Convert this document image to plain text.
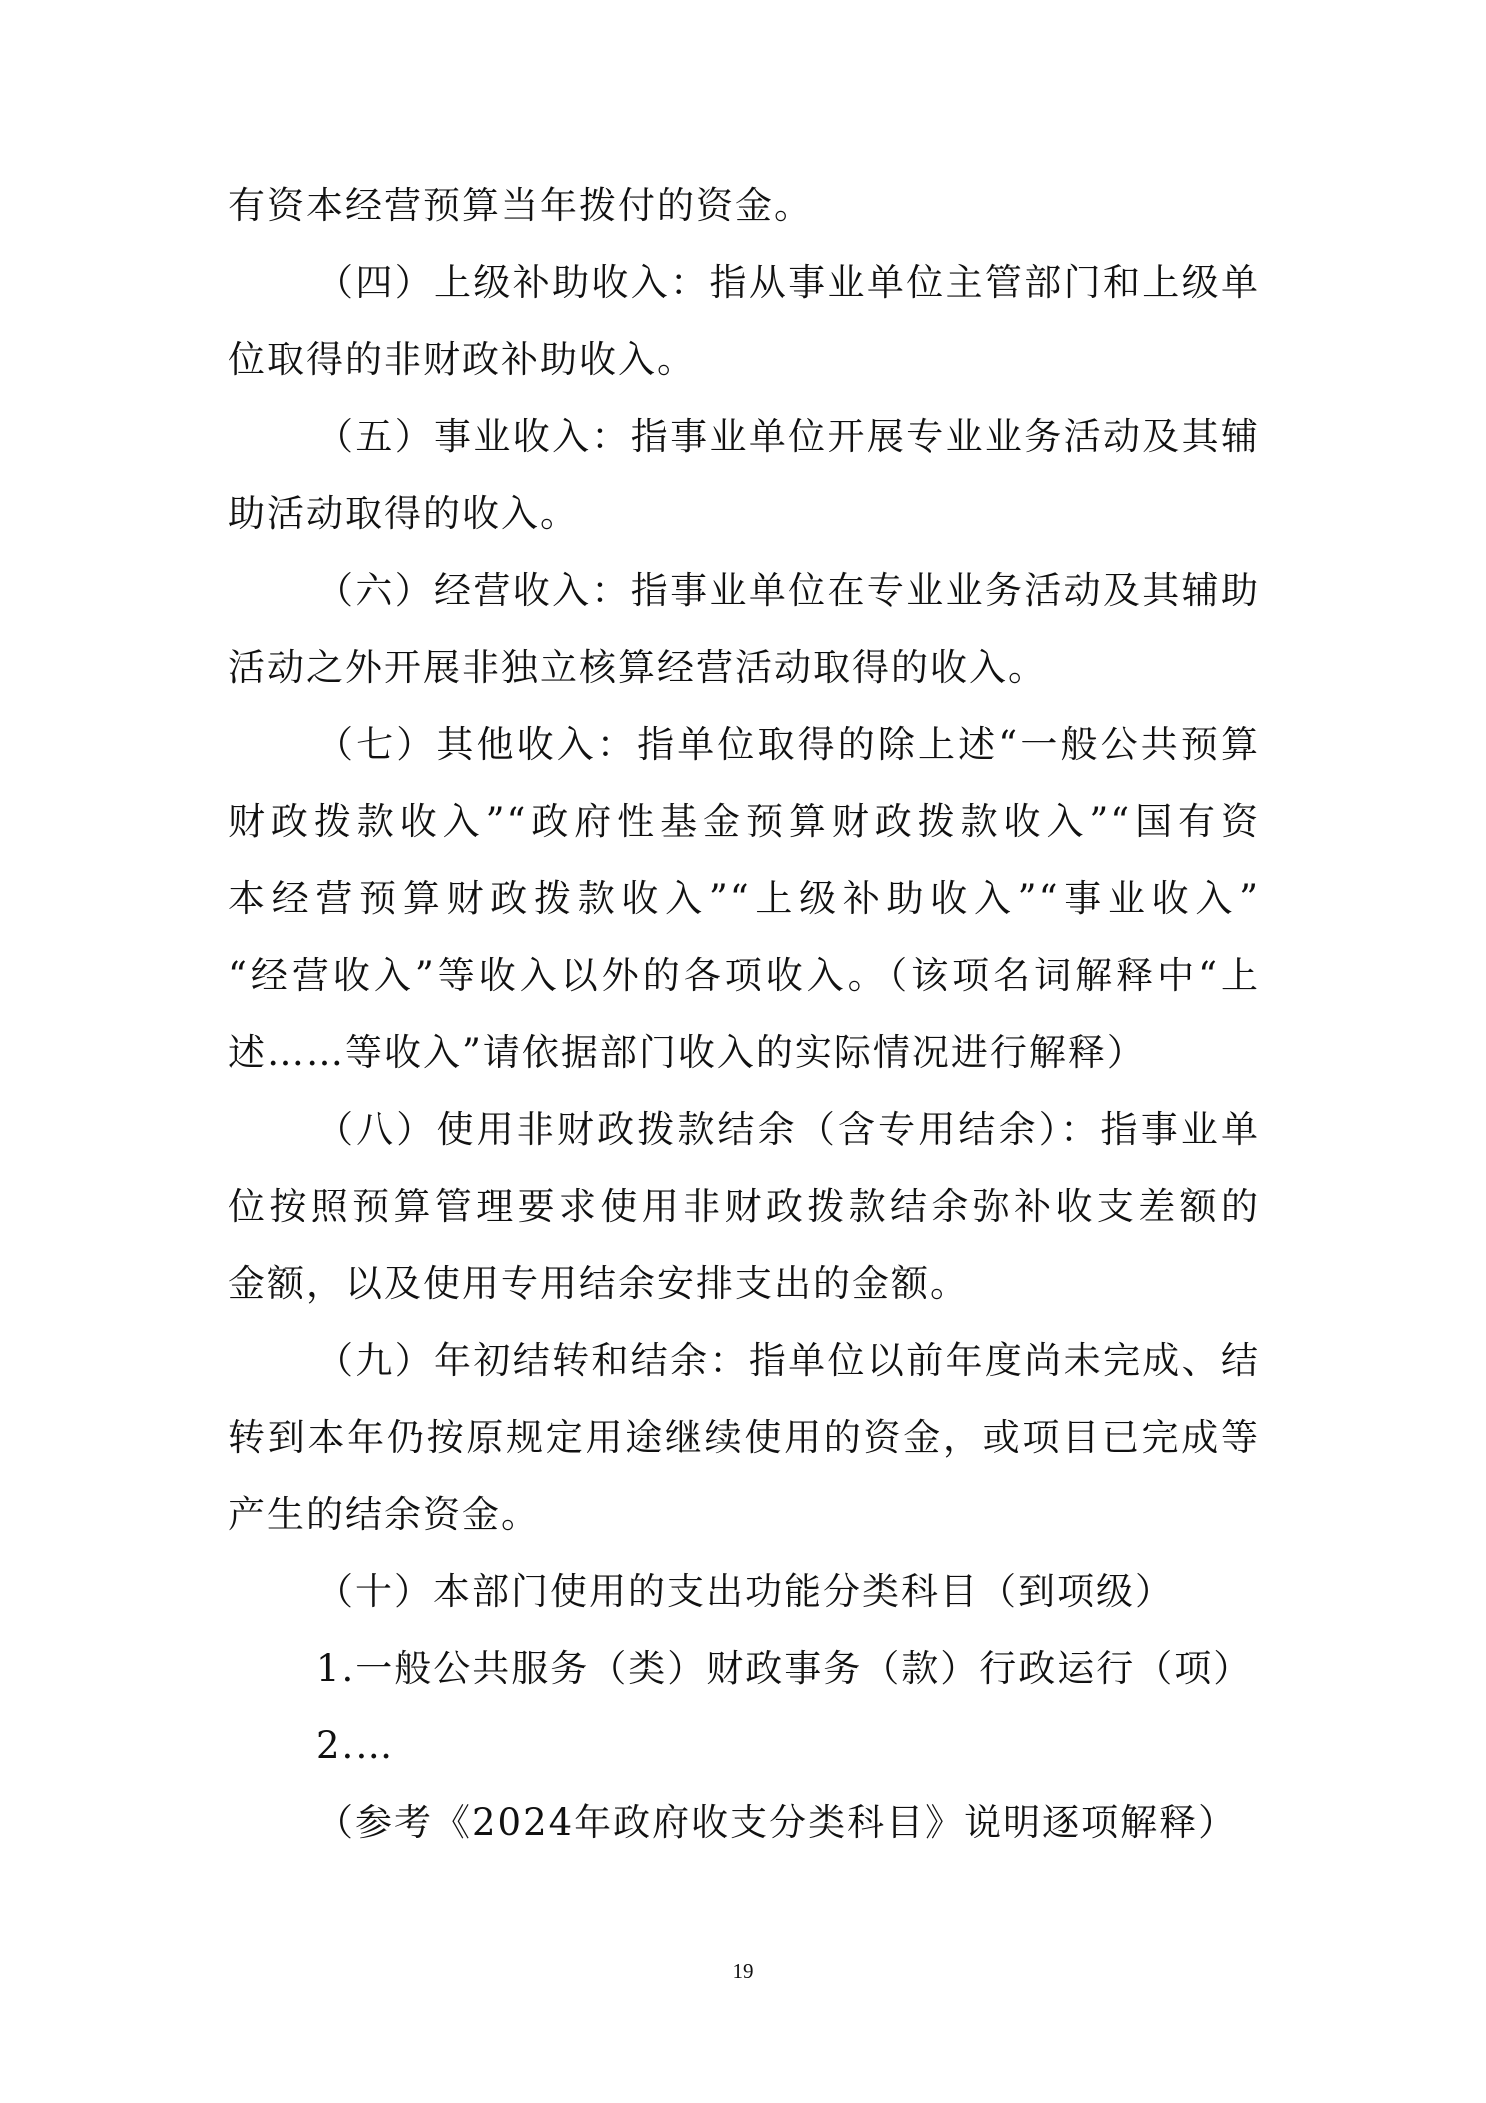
有资本经营预算当年拨付的资金。
（四）上级补助收入：指从事业单位主管部门和上级单
位取得的非财政补助收入。
（五）事业收入：指事业单位开展专业业务活动及其辅
助活动取得的收入。
（六）经营收入：指事业单位在专业业务活动及其辅助
活动之外开展非独立核算经营活动取得的收入。
（七）其他收入：指单位取得的除上述“一般公共预算
财政拨款收入”“政府性基金预算财政拨款收入”“国有资
本经营预算财政拨款收入”“上级补助收入”“事业收入”
“经营收入”等收入以外的各项收入。（该项名词解释中“上
述……等收入”请依据部门收入的实际情况进行解释）
（八）使用非财政拨款结余（含专用结余）：指事业单
位按照预算管理要求使用非财政拨款结余弥补收支差额的
金额，以及使用专用结余安排支出的金额。
（九）年初结转和结余：指单位以前年度尚未完成、结
转到本年仍按原规定用途继续使用的资金，或项目已完成等
产生的结余资金。
（十）本部门使用的支出功能分类科目（到项级）
1.一般公共服务（类）财政事务（款）行政运行（项）
2.…
（参考《2024年政府收支分类科目》说明逐项解释）
19
